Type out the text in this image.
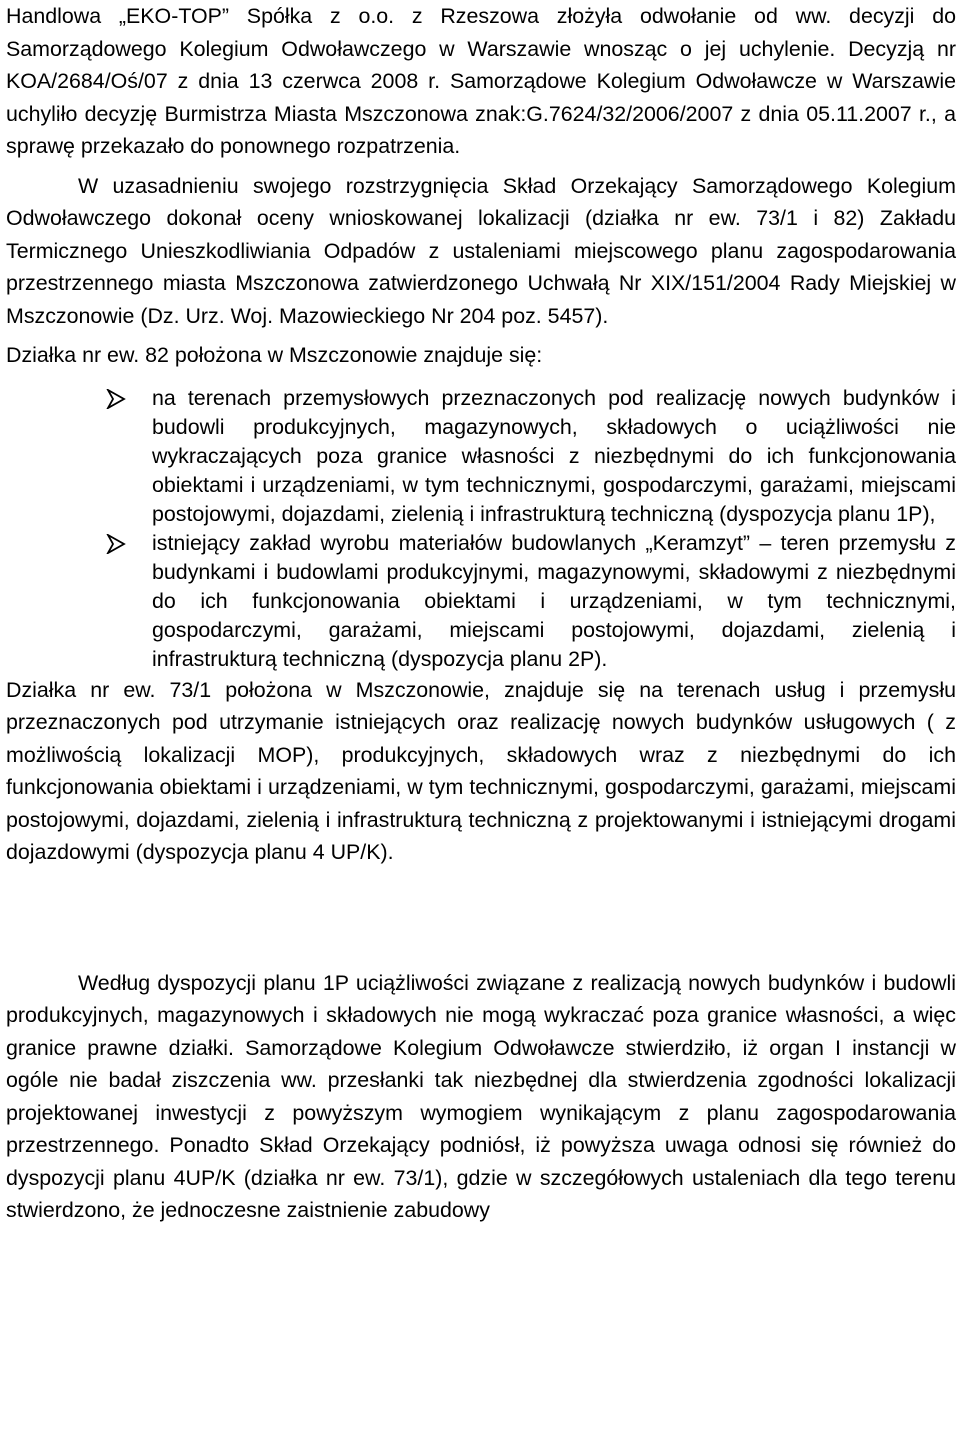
Handlowa „EKO-TOP” Spółka z o.o. z Rzeszowa złożyła odwołanie od ww. decyzji do Samorządowego Kolegium Odwoławczego w Warszawie wnosząc o jej uchylenie. Decyzją nr KOA/2684/Oś/07 z dnia 13 czerwca 2008 r. Samorządowe Kolegium Odwoławcze w Warszawie uchyliło decyzję Burmistrza Miasta Mszczonowa znak:G.7624/32/2006/2007 z dnia 05.11.2007 r., a sprawę przekazało do ponownego rozpatrzenia.

W uzasadnieniu swojego rozstrzygnięcia Skład Orzekający Samorządowego Kolegium Odwoławczego dokonał oceny wnioskowanej lokalizacji (działka nr ew. 73/1 i 82) Zakładu Termicznego Unieszkodliwiania Odpadów z ustaleniami miejscowego planu zagospodarowania przestrzennego miasta Mszczonowa zatwierdzonego Uchwałą Nr XIX/151/2004 Rady Miejskiej w Mszczonowie (Dz. Urz. Woj. Mazowieckiego Nr 204 poz. 5457).

Działka nr ew. 82 położona w Mszczonowie znajduje się:

na terenach przemysłowych przeznaczonych pod realizację nowych budynków i budowli produkcyjnych, magazynowych, składowych o uciążliwości nie wykraczających poza granice własności z niezbędnymi do ich funkcjonowania obiektami i urządzeniami, w tym technicznymi, gospodarczymi, garażami, miejscami postojowymi, dojazdami, zielenią i infrastrukturą techniczną (dyspozycja planu 1P),
istniejący zakład wyrobu materiałów budowlanych „Keramzyt” – teren przemysłu z budynkami i budowlami produkcyjnymi, magazynowymi, składowymi z niezbędnymi do ich funkcjonowania obiektami i urządzeniami, w tym technicznymi, gospodarczymi, garażami, miejscami postojowymi, dojazdami, zielenią i infrastrukturą techniczną (dyspozycja planu 2P).

Działka nr ew. 73/1 położona w Mszczonowie, znajduje się na terenach usług i przemysłu przeznaczonych pod utrzymanie istniejących oraz realizację nowych budynków usługowych ( z możliwością lokalizacji MOP), produkcyjnych, składowych wraz z niezbędnymi do ich funkcjonowania obiektami i urządzeniami, w tym technicznymi, gospodarczymi, garażami, miejscami postojowymi, dojazdami, zielenią i infrastrukturą techniczną z projektowanymi i istniejącymi drogami dojazdowymi (dyspozycja planu 4 UP/K).

Według dyspozycji planu 1P uciążliwości związane z realizacją nowych budynków i budowli produkcyjnych, magazynowych i składowych nie mogą wykraczać poza granice własności, a więc granice prawne działki. Samorządowe Kolegium Odwoławcze stwierdziło, iż organ I instancji w ogóle nie badał ziszczenia ww. przesłanki tak niezbędnej dla stwierdzenia zgodności lokalizacji projektowanej inwestycji z powyższym wymogiem wynikającym z planu zagospodarowania przestrzennego. Ponadto Skład Orzekający podniósł, iż powyższa uwaga odnosi się również do dyspozycji planu 4UP/K (działka nr ew. 73/1), gdzie w szczegółowych ustaleniach dla tego terenu stwierdzono, że jednoczesne zaistnienie zabudowy
